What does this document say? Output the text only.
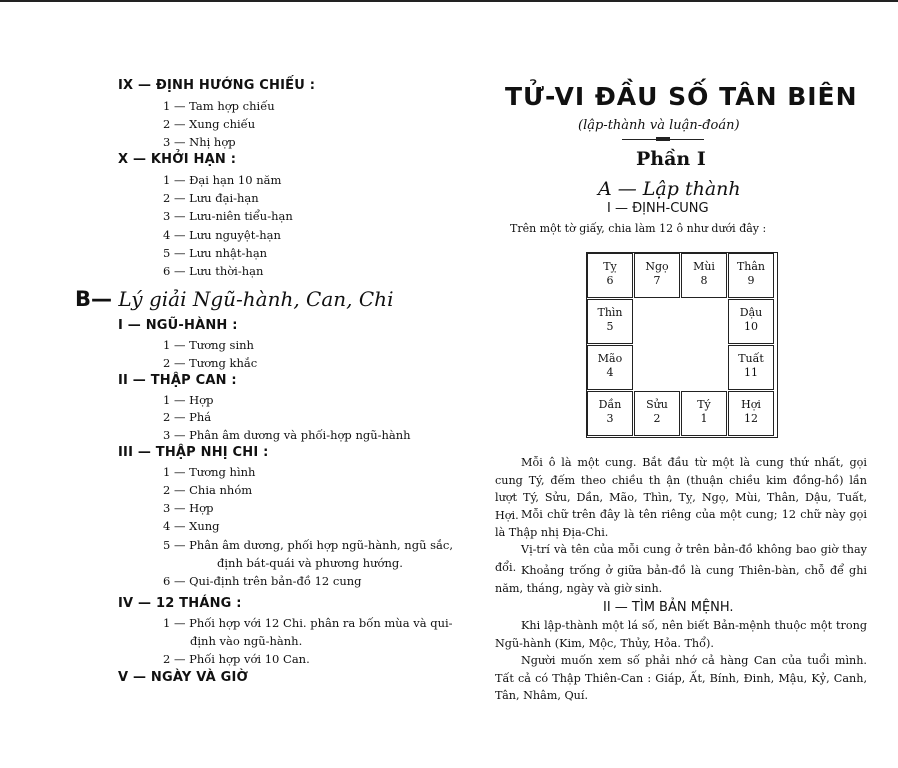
IX — ĐỊNH HƯỚNG CHIẾU :
1 — Tam hợp chiếu
2 — Xung chiếu
3 — Nhị hợp
X — KHỞI HẠN :
1 — Đại hạn 10 năm
2 — Lưu đại-hạn
3 — Lưu-niên tiểu-hạn
4 — Lưu nguyệt-hạn
5 — Lưu nhật-hạn
6 — Lưu thời-hạn
B— Lý giải Ngũ-hành, Can, Chi
I — NGŨ-HÀNH :
1 — Tương sinh
2 — Tương khắc
II — THẬP CAN :
1 — Hợp
2 — Phá
3 — Phân âm dương và phối-hợp ngũ-hành
III — THẬP NHỊ CHI :
1 — Tương hình
2 — Chia nhóm
3 — Hợp
4 — Xung
5 — Phân âm dương, phối hợp ngũ-hành, ngũ sắc,
định bát-quái và phương hướng.
6 — Qui-định trên bản-đồ 12 cung
IV — 12 THÁNG :
1 — Phối hợp với 12 Chi. phân ra bốn mùa và qui-
định vào ngũ-hành.
2 — Phối hợp với 10 Can.
V — NGÀY VÀ GIỜ
TỬ-VI ĐẦU SỐ TÂN BIÊN
(lập-thành và luận-đoán)
Phần I
A — Lập thành
I — ĐỊNH-CUNG
Trên một tờ giấy, chia làm 12 ô như dưới đây :
Tỵ
6
Ngọ
7
Mùi
8
Thân
9
Thìn
5
Mão
4
Dậu
10
Tuất
11
Dần
3
Sửu
2
Tý
1
Hợi
12
Mỗi ô là một cung. Bắt đầu từ một là cung thứ nhất, gọi cung Tý, đếm theo chiều th ận (thuận chiều kim đồng-hồ) lần lượt Tý, Sửu, Dần, Mão, Thìn, Tỵ, Ngọ, Mùi, Thân, Dậu, Tuất, Hợi. Mỗi chữ trên đây là tên riêng của một cung; 12 chữ này gọi là Thập nhị Địa-Chi.
Vị-trí và tên của mỗi cung ở trên bản-đồ không bao giờ thay đổi. Khoảng trống ở giữa bản-đồ là cung Thiên-bàn, chỗ để ghi năm, tháng, ngày và giờ sinh.
II — TÌM BẢN MỆNH.
Khi lập-thành một lá số, nên biết Bản-mệnh thuộc một trong Ngũ-hành (Kim, Mộc, Thủy, Hỏa. Thổ).
Người muốn xem số phải nhớ cả hàng Can của tuổi mình. Tất cả có Thập Thiên-Can : Giáp, Ất, Bính, Đinh, Mậu, Kỷ, Canh, Tân, Nhâm, Quí.
